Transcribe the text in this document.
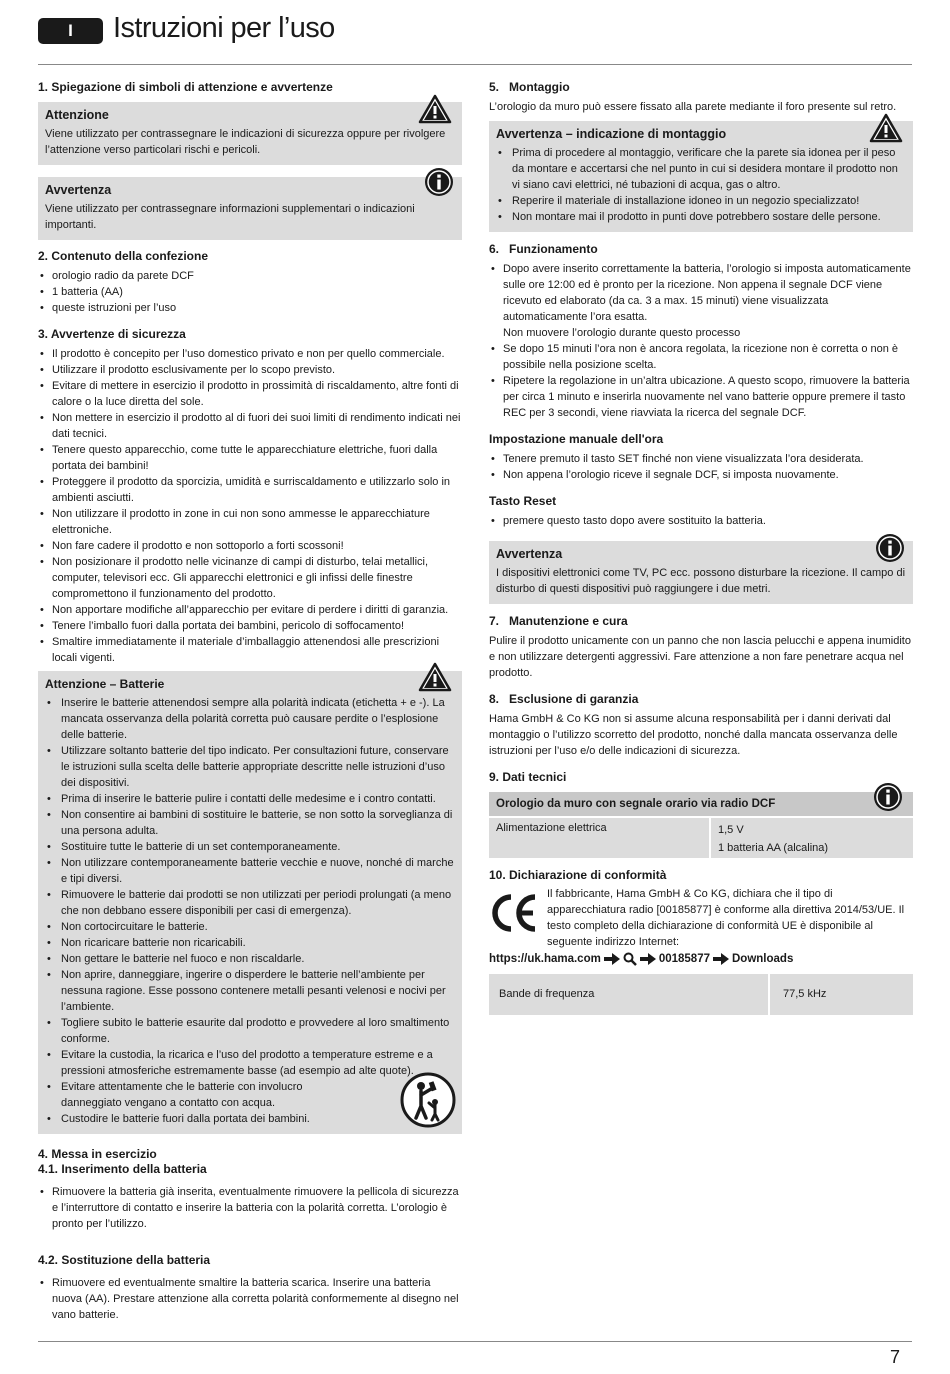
I	Istruzioni per l’uso
1. Spiegazione di simboli di attenzione e avvertenze
Attenzione

Viene utilizzato per contrassegnare le indicazioni di sicurezza oppure per rivolgere l’attenzione verso particolari rischi e pericoli.

Avvertenza

Viene utilizzato per contrassegnare informazioni supplementari o indicazioni importanti.

2. Contenuto della confezione
• orologio radio da parete DCF
• 1 batteria (AA)
• queste istruzioni per l’uso
3. Avvertenze di sicurezza
• Il prodotto è concepito per l’uso domestico privato e non per quello commerciale.
• Utilizzare il prodotto esclusivamente per lo scopo previsto.
• Evitare di mettere in esercizio il prodotto in prossimità di riscaldamento, altre fonti di calore o la luce diretta del sole.
• Non mettere in esercizio il prodotto al di fuori dei suoi limiti di rendimento indicati nei dati tecnici.
• Tenere questo apparecchio, come tutte le apparecchiature elettriche, fuori dalla portata dei bambini!
• Proteggere il prodotto da sporcizia, umidità e surriscaldamento e utilizzarlo solo in ambienti asciutti.
• Non utilizzare il prodotto in zone in cui non sono ammesse le apparecchiature elettroniche.
• Non fare cadere il prodotto e non sottoporlo a forti scossoni!
• Non posizionare il prodotto nelle vicinanze di campi di disturbo, telai metallici, computer, televisori ecc. Gli apparecchi elettronici e gli infissi delle finestre compromettono il funzionamento del prodotto.
• Non apportare modifiche all’apparecchio per evitare di perdere i diritti di garanzia.
• Tenere l’imballo fuori dalla portata dei bambini, pericolo di soffocamento!
• Smaltire immediatamente il materiale d’imballaggio attenendosi alle prescrizioni locali vigenti.
Attenzione – Batterie
• Inserire le batterie attenendosi sempre alla polarità indicata (etichetta + e -). La mancata osservanza della polarità corretta può causare perdite o l’esplosione delle batterie.
• Utilizzare soltanto batterie del tipo indicato. Per consultazioni future, conservare le istruzioni sulla scelta delle batterie appropriate descritte nelle istruzioni d’uso dei dispositivi.
• Prima di inserire le batterie pulire i contatti delle medesime e i contro contatti.
• Non consentire ai bambini di sostituire le batterie, se non sotto la sorveglianza di una persona adulta.
• Sostituire tutte le batterie di un set contemporaneamente.
• Non utilizzare contemporaneamente batterie vecchie e nuove, nonché di marche e tipi diversi.
• Rimuovere le batterie dai prodotti se non utilizzati per periodi prolungati (a meno che non debbano essere disponibili per casi di emergenza).
• Non cortocircuitare le batterie.
• Non ricaricare batterie non ricaricabili.
• Non gettare le batterie nel fuoco e non riscaldarle.
• Non aprire, danneggiare, ingerire o disperdere le batterie nell’ambiente per nessuna ragione. Esse possono contenere metalli pesanti velenosi e nocivi per l’ambiente.
• Togliere subito le batterie esaurite dal prodotto e provvedere al loro smaltimento conforme.
• Evitare la custodia, la ricarica e l’uso del prodotto a temperature estreme e a pressioni atmosferiche estremamente basse (ad esempio ad alte quote).
• Evitare attentamente che le batterie con involucro danneggiato vengano a contatto con acqua.
• Custodire le batterie fuori dalla portata dei bambini.
4. Messa in esercizio
4.1. Inserimento della batteria
• Rimuovere la batteria già inserita, eventualmente rimuovere la pellicola di sicurezza e l’interruttore di contatto e inserire la batteria con la polarità corretta. L’orologio è pronto per l’utilizzo.
4.2. Sostituzione della batteria
• Rimuovere ed eventualmente smaltire la batteria scarica. Inserire una batteria nuova (AA). Prestare attenzione alla corretta polarità conformemente al disegno nel vano batterie.
5.   Montaggio

L’orologio da muro può essere fissato alla parete mediante il foro presente sul retro.

Avvertenza – indicazione di montaggio
• Prima di procedere al montaggio, verificare che la parete sia idonea per il peso da montare e accertarsi che nel punto in cui si desidera montare il prodotto non vi siano cavi elettrici, né tubazioni di acqua, gas o altro.
• Reperire il materiale di installazione idoneo in un negozio specializzato!
• Non montare mai il prodotto in punti dove potrebbero sostare delle persone.
6.   Funzionamento
• Dopo avere inserito correttamente la batteria, l’orologio si imposta automaticamente sulle ore 12:00 ed è pronto per la ricezione. Non appena il segnale DCF viene ricevuto ed elaborato (da ca. 3 a max. 15 minuti) viene visualizzata automaticamente l’ora esatta.
Non muovere l’orologio durante questo processo
• Se dopo 15 minuti l’ora non è ancora regolata, la ricezione non è corretta o non è possibile nella posizione scelta.
• Ripetere la regolazione in un’altra ubicazione. A questo scopo, rimuovere la batteria per circa 1 minuto e inserirla nuovamente nel vano batterie oppure premere il tasto REC per 3 secondi, viene riavviata la ricerca del segnale DCF.
Impostazione manuale dell'ora
• Tenere premuto il tasto SET finché non viene visualizzata l’ora desiderata.
• Non appena l’orologio riceve il segnale DCF, si imposta nuovamente.
Tasto Reset
• premere questo tasto dopo avere sostituito la batteria.
Avvertenza

I dispositivi elettronici come TV, PC ecc. possono disturbare la ricezione. Il campo di disturbo di questi dispositivi può raggiungere i due metri.

7.   Manutenzione e cura

Pulire il prodotto unicamente con un panno che non lascia pelucchi e appena inumidito e non utilizzare detergenti aggressivi. Fare attenzione a non fare penetrare acqua nel prodotto.

8.   Esclusione di garanzia

Hama GmbH & Co KG non si assume alcuna responsabilità per i danni derivati dal montaggio o l’utilizzo scorretto del prodotto, nonché dalla mancata osservanza delle istruzioni per l’uso e/o delle indicazioni di sicurezza.

9. Dati tecnici
Orologio da muro con segnale orario via radio DCF
Alimentazione elettrica	1,5 V
1 batteria AA (alcalina)
10. Dichiarazione di conformità

Il fabbricante, Hama GmbH & Co KG, dichiara che il tipo di apparecchiatura radio [00185877] è conforme alla direttiva 2014/53/UE. Il testo completo della dichiarazione di conformità UE è disponibile al seguente indirizzo Internet:

https://uk.hama.com	00185877 Downloads
Bande di frequenza	77,5 kHz
7
